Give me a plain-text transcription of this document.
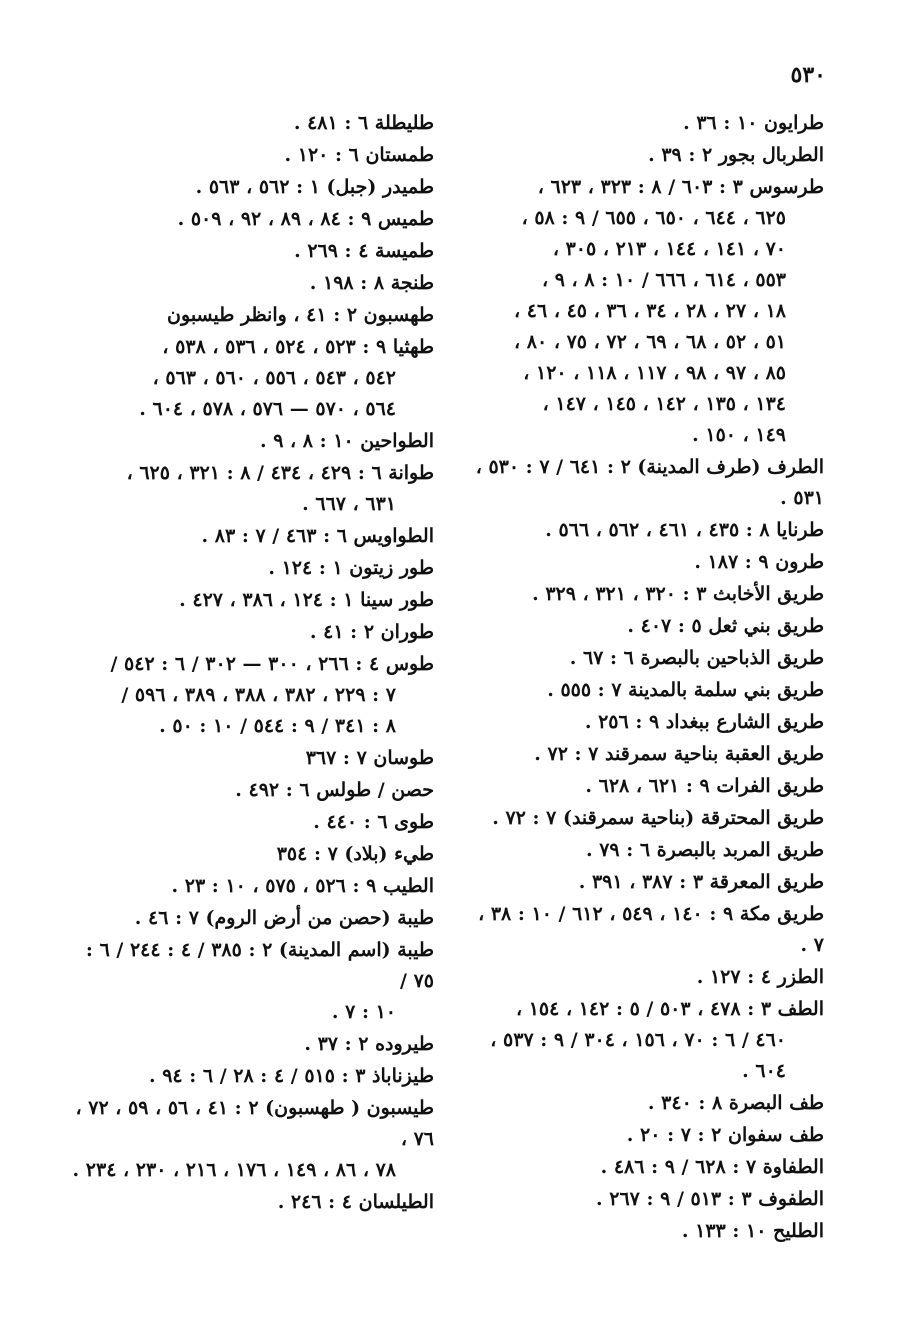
٥٣٠
طرايون ١٠ : ٣٦ .
الطربال بجور ٢ : ٣٩ .
طرسوس ٣ : ٦٠٣ / ٨ : ٣٢٣ ، ٦٢٣ ،
٦٢٥ ، ٦٤٤ ، ٦٥٠ ، ٦٥٥ / ٩ : ٥٨ ،
٧٠ ، ١٤١ ، ١٤٤ ، ٢١٣ ، ٣٠٥ ،
٥٥٣ ، ٦١٤ ، ٦٦٦ / ١٠ : ٨ ، ٩ ،
١٨ ، ٢٧ ، ٢٨ ، ٣٤ ، ٣٦ ، ٤٥ ، ٤٦ ،
٥١ ، ٥٢ ، ٦٨ ، ٦٩ ، ٧٢ ، ٧٥ ، ٨٠ ،
٨٥ ، ٩٧ ، ٩٨ ، ١١٧ ، ١١٨ ، ١٢٠ ،
١٣٤ ، ١٣٥ ، ١٤٢ ، ١٤٥ ، ١٤٧ ،
١٤٩ ، ١٥٠ .
الطرف (طرف المدينة) ٢ : ٦٤١ / ٧ : ٥٣٠ ، ٥٣١ .
طرنايا ٨ : ٤٣٥ ، ٤٦١ ، ٥٦٢ ، ٥٦٦ .
طرون ٩ : ١٨٧ .
طريق الأخابث ٣ : ٣٢٠ ، ٣٢١ ، ٣٢٩ .
طريق بني ثعل ٥ : ٤٠٧ .
طريق الذباحين بالبصرة ٦ : ٦٧ .
طريق بني سلمة بالمدينة ٧ : ٥٥٥ .
طريق الشارع ببغداد ٩ : ٢٥٦ .
طريق العقبة بناحية سمرقند ٧ : ٧٢ .
طريق الفرات ٩ : ٦٢١ ، ٦٢٨ .
طريق المحترقة (بناحية سمرقند) ٧ : ٧٢ .
طريق المربد بالبصرة ٦ : ٧٩ .
طريق المعرقة ٣ : ٣٨٧ ، ٣٩١ .
طريق مكة ٩ : ١٤٠ ، ٥٤٩ ، ٦١٢ / ١٠ : ٣٨ ، ٧ .
الطزر ٤ : ١٢٧ .
الطف ٣ : ٤٧٨ ، ٥٠٣ / ٥ : ١٤٢ ، ١٥٤ ،
٤٦٠ / ٦ : ٧٠ ، ١٥٦ ، ٣٠٤ / ٩ : ٥٣٧ ، ٦٠٤ .
طف البصرة ٨ : ٣٤٠ .
طف سفوان ٢ : ٧ : ٢٠ .
الطفاوة ٧ : ٦٢٨ / ٩ : ٤٨٦ .
الطفوف ٣ : ٥١٣ / ٩ : ٢٦٧ .
الطليح ١٠ : ١٣٣ .
طليطلة ٦ : ٤٨١ .
طمستان ٦ : ١٢٠ .
طميدر (جبل) ١ : ٥٦٢ ، ٥٦٣ .
طميس ٩ : ٨٤ ، ٨٩ ، ٩٢ ، ٥٠٩ .
طميسة ٤ : ٢٦٩ .
طنجة ٨ : ١٩٨ .
طهسبون ٢ : ٤١ ، وانظر طيسبون
طهثيا ٩ : ٥٢٣ ، ٥٢٤ ، ٥٣٦ ، ٥٣٨ ،
٥٤٢ ، ٥٤٣ ، ٥٥٦ ، ٥٦٠ ، ٥٦٣ ،
٥٦٤ ، ٥٧٠ — ٥٧٦ ، ٥٧٨ ، ٦٠٤ .
الطواحين ١٠ : ٨ ، ٩ .
طوانة ٦ : ٤٢٩ ، ٤٣٤ / ٨ : ٣٢١ ، ٦٢٥ ،
٦٣١ ، ٦٦٧ .
الطواويس ٦ : ٤٦٣ / ٧ : ٨٣ .
طور زيتون ١ : ١٢٤ .
طور سينا ١ : ١٢٤ ، ٣٨٦ ، ٤٢٧ .
طوران ٢ : ٤١ .
طوس ٤ : ٢٦٦ ، ٣٠٠ — ٣٠٢ / ٦ : ٥٤٢ /
٧ : ٢٢٩ ، ٣٨٢ ، ٣٨٨ ، ٣٨٩ ، ٥٩٦ /
٨ : ٣٤١ / ٩ : ٥٤٤ / ١٠ : ٥٠ .
طوسان ٧ : ٣٦٧
حصن / طولس ٦ : ٤٩٢ .
طوى ٦ : ٤٤٠ .
طيء (بلاد) ٧ : ٣٥٤
الطيب ٩ : ٥٢٦ ، ٥٧٥ ، ١٠ : ٢٣ .
طيبة (حصن من أرض الروم) ٧ : ٤٦ .
طيبة (اسم المدينة) ٢ : ٣٨٥ / ٤ : ٢٤٤ / ٦ : ٧٥ /
١٠ : ٧ .
طيروده ٢ : ٣٧ .
طيزناباذ ٣ : ٥١٥ / ٤ : ٢٨ / ٦ : ٩٤ .
طيسبون ( طهسبون) ٢ : ٤١ ، ٥٦ ، ٥٩ ، ٧٢ ، ٧٦ ،
٧٨ ، ٨٦ ، ١٤٩ ، ١٧٦ ، ٢١٦ ، ٢٣٠ ، ٢٣٤ .
الطيلسان ٤ : ٢٤٦ .
